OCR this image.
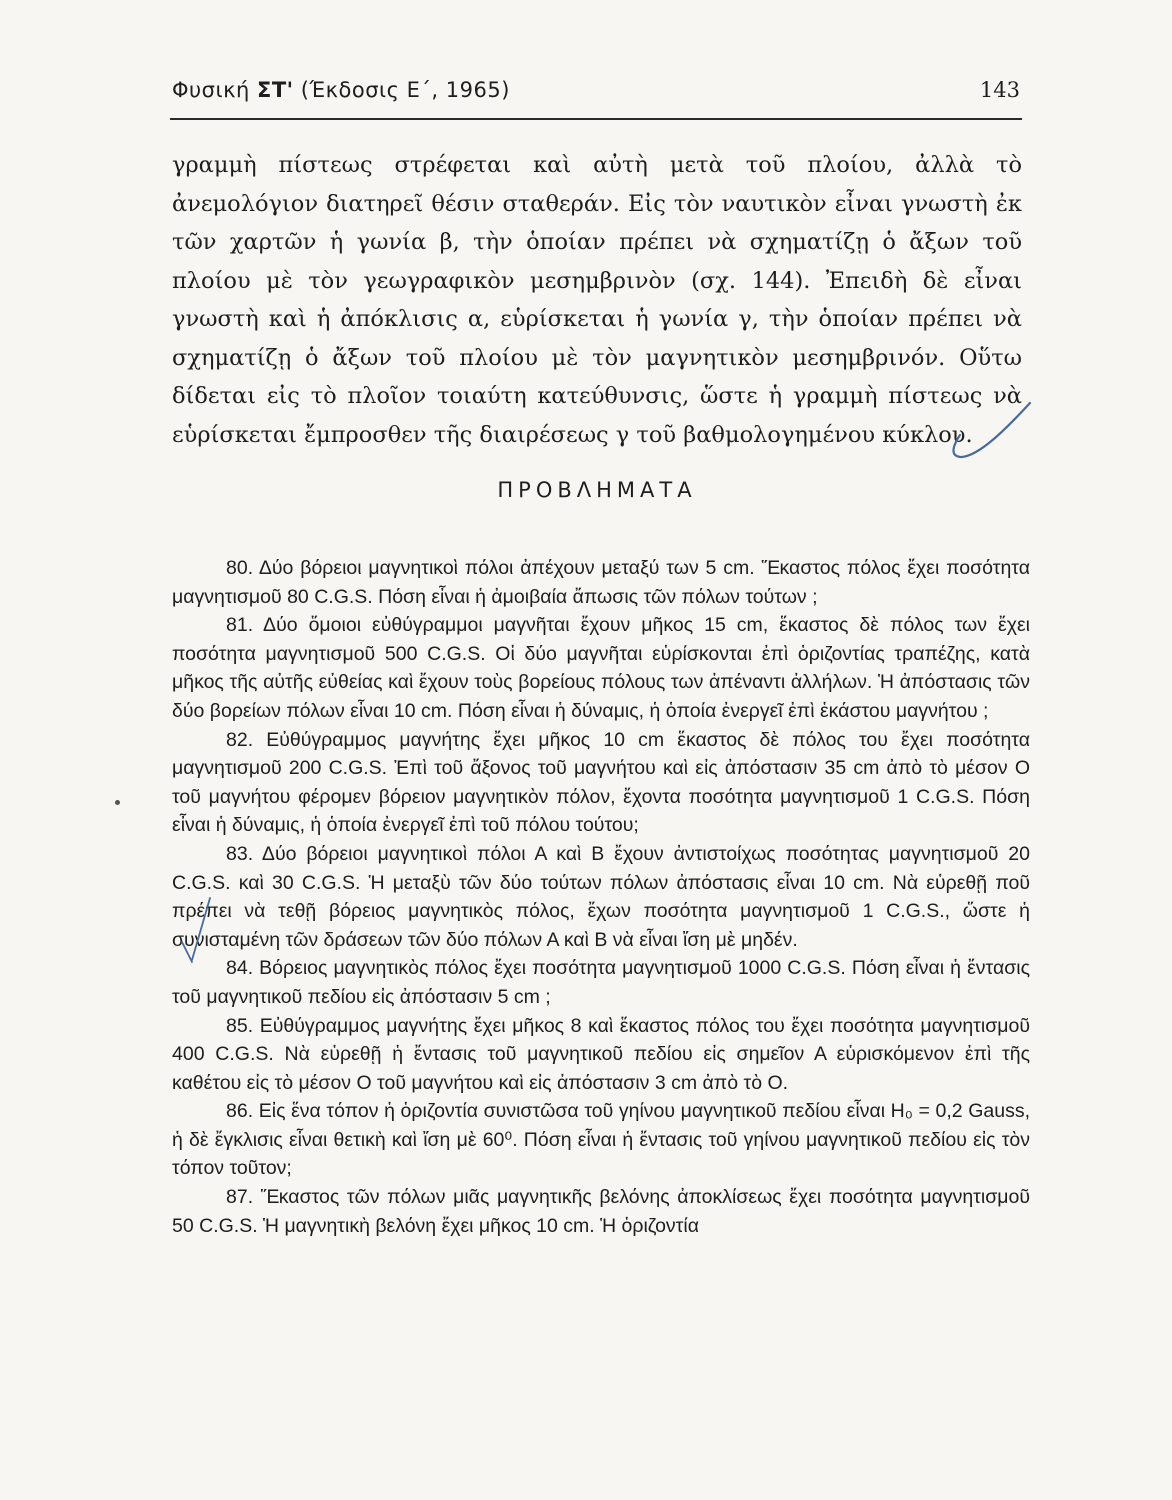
Φυσική ΣΤ' (Έκδοσις Ε΄, 1965)	143

γραμμὴ πίστεως στρέφεται καὶ αὐτὴ μετὰ τοῦ πλοίου, ἀλλὰ τὸ ἀνεμολόγιον διατηρεῖ θέσιν σταθεράν. Εἰς τὸν ναυτικὸν εἶναι γνωστὴ ἐκ τῶν χαρτῶν ἡ γωνία β, τὴν ὁποίαν πρέπει νὰ σχηματίζῃ ὁ ἄξων τοῦ πλοίου μὲ τὸν γεωγραφικὸν μεσημβρινὸν (σχ. 144). Ἐπειδὴ δὲ εἶναι γνωστὴ καὶ ἡ ἀπόκλισις α, εὑρίσκεται ἡ γωνία γ, τὴν ὁποίαν πρέπει νὰ σχηματίζῃ ὁ ἄξων τοῦ πλοίου μὲ τὸν μαγνητικὸν μεσημβρινόν. Οὕτω δίδεται εἰς τὸ πλοῖον τοιαύτη κατεύθυνσις, ὥστε ἡ γραμμὴ πίστεως νὰ εὑρίσκεται ἔμπροσθεν τῆς διαιρέσεως γ τοῦ βαθμολογημένου κύκλου.

ΠΡΟΒΛΗΜΑΤΑ

80. Δύο βόρειοι μαγνητικοὶ πόλοι ἀπέχουν μεταξύ των 5 cm. Ἕκαστος πόλος ἔχει ποσότητα μαγνητισμοῦ 80 C.G.S. Πόση εἶναι ἡ ἀμοιβαία ἄπωσις τῶν πόλων τούτων ;

81. Δύο ὅμοιοι εὐθύγραμμοι μαγνῆται ἔχουν μῆκος 15 cm, ἕκαστος δὲ πόλος των ἔχει ποσότητα μαγνητισμοῦ 500 C.G.S. Οἱ δύο μαγνῆται εὑρίσκονται ἐπὶ ὁριζοντίας τραπέζης, κατὰ μῆκος τῆς αὐτῆς εὐθείας καὶ ἔχουν τοὺς βορείους πόλους των ἀπέναντι ἀλλήλων. Ἡ ἀπόστασις τῶν δύο βορείων πόλων εἶναι 10 cm. Πόση εἶναι ἡ δύναμις, ἡ ὁποία ἐνεργεῖ ἐπὶ ἑκάστου μαγνήτου ;

82. Εὐθύγραμμος μαγνήτης ἔχει μῆκος 10 cm ἕκαστος δὲ πόλος του ἔχει ποσότητα μαγνητισμοῦ 200 C.G.S. Ἐπὶ τοῦ ἄξονος τοῦ μαγνήτου καὶ εἰς ἀπόστασιν 35 cm ἀπὸ τὸ μέσον Ο τοῦ μαγνήτου φέρομεν βόρειον μαγνητικὸν πόλον, ἔχοντα ποσότητα μαγνητισμοῦ 1 C.G.S. Πόση εἶναι ἡ δύναμις, ἡ ὁποία ἐνεργεῖ ἐπὶ τοῦ πόλου τούτου;

83. Δύο βόρειοι μαγνητικοὶ πόλοι Α καὶ Β ἔχουν ἀντιστοίχως ποσότητας μαγνητισμοῦ 20 C.G.S. καὶ 30 C.G.S. Ἡ μεταξὺ τῶν δύο τούτων πόλων ἀπόστασις εἶναι 10 cm. Νὰ εὑρεθῇ ποῦ πρέπει νὰ τεθῇ βόρειος μαγνητικὸς πόλος, ἔχων ποσότητα μαγνητισμοῦ 1 C.G.S., ὥστε ἡ συνισταμένη τῶν δράσεων τῶν δύο πόλων Α καὶ Β νὰ εἶναι ἴση μὲ μηδέν.

84. Βόρειος μαγνητικὸς πόλος ἔχει ποσότητα μαγνητισμοῦ 1000 C.G.S. Πόση εἶναι ἡ ἔντασις τοῦ μαγνητικοῦ πεδίου εἰς ἀπόστασιν 5 cm ;

85. Εὐθύγραμμος μαγνήτης ἔχει μῆκος 8 καὶ ἕκαστος πόλος του ἔχει ποσότητα μαγνητισμοῦ 400 C.G.S. Νὰ εὑρεθῇ ἡ ἔντασις τοῦ μαγνητικοῦ πεδίου εἰς σημεῖον Α εὑρισκόμενον ἐπὶ τῆς καθέτου εἰς τὸ μέσον Ο τοῦ μαγνήτου καὶ εἰς ἀπόστασιν 3 cm ἀπὸ τὸ Ο.

86. Εἰς ἕνα τόπον ἡ ὁριζοντία συνιστῶσα τοῦ γηίνου μαγνητικοῦ πεδίου εἶναι H₀ = 0,2 Gauss, ἡ δὲ ἔγκλισις εἶναι θετικὴ καὶ ἴση μὲ 60⁰. Πόση εἶναι ἡ ἔντασις τοῦ γηίνου μαγνητικοῦ πεδίου εἰς τὸν τόπον τοῦτον;

87. Ἕκαστος τῶν πόλων μιᾶς μαγνητικῆς βελόνης ἀποκλίσεως ἔχει ποσότητα μαγνητισμοῦ 50 C.G.S. Ἡ μαγνητικὴ βελόνη ἔχει μῆκος 10 cm. Ἡ ὁριζοντία
